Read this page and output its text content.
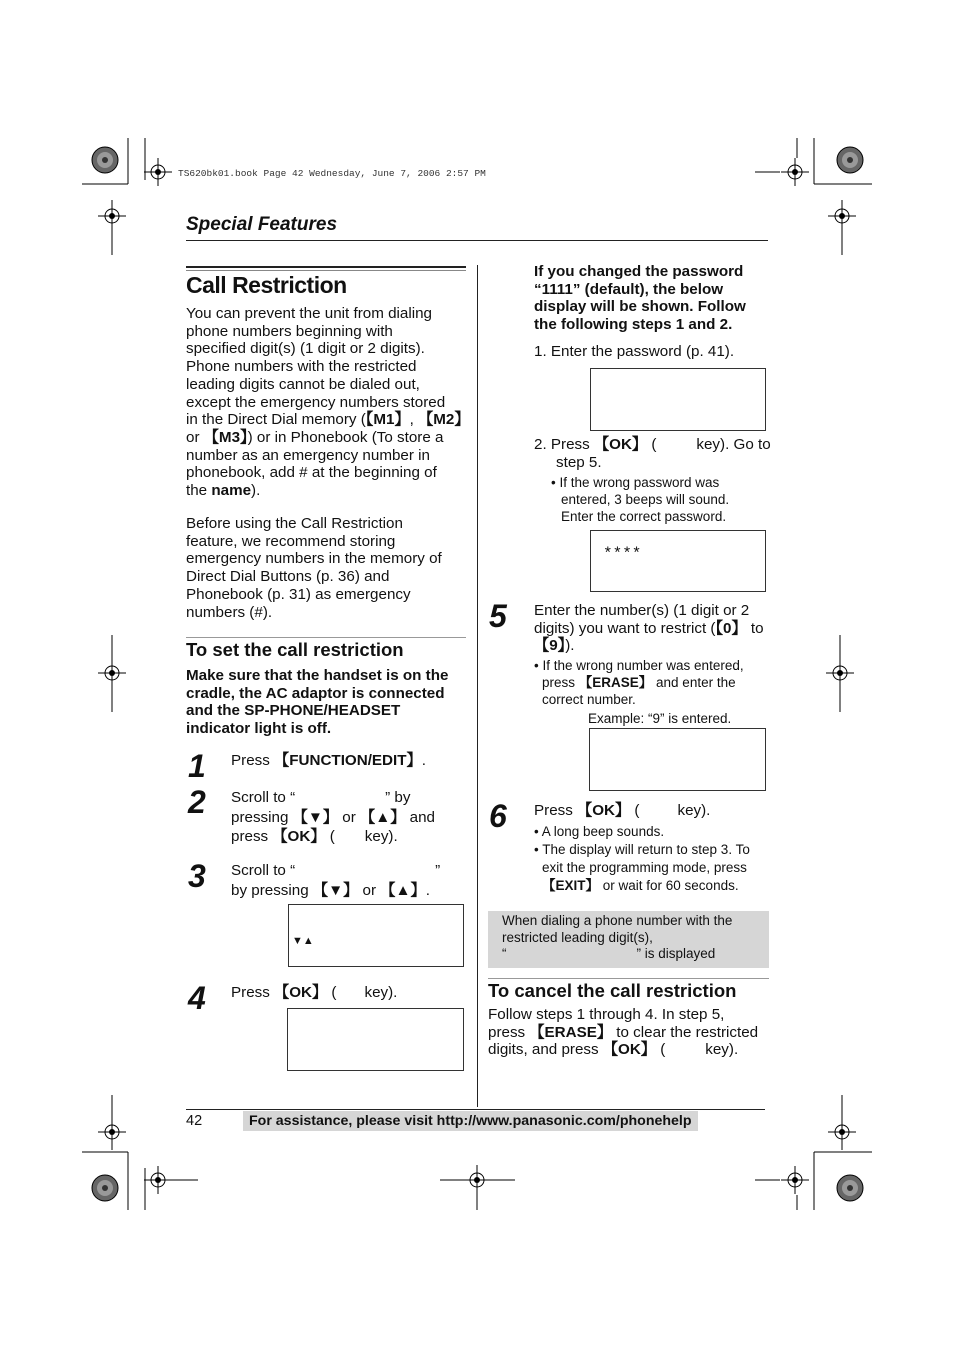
TS620bk01.book Page 42 Wednesday, June 7, 2006 2:57 PM
Special Features
Call Restriction
You can prevent the unit from dialing
phone numbers beginning with
specified digit(s) (1 digit or 2 digits).
Phone numbers with the restricted
leading digits cannot be dialed out,
except the emergency numbers stored
in the Direct Dial memory (【M1】, 【M2】
or 【M3】) or in Phonebook (To store a
number as an emergency number in
phonebook, add # at the beginning of
the name).
Before using the Call Restriction
feature, we recommend storing
emergency numbers in the memory of
Direct Dial Buttons (p. 36) and
Phonebook (p. 31) as emergency
numbers (#).
To set the call restriction
Make sure that the handset is on the
cradle, the AC adaptor is connected
and the SP-PHONE/HEADSET
indicator light is off.
1 Press 【FUNCTION/EDIT】.
2 Scroll to “	” by
pressing 【▼】 or 【▲】 and
press 【OK】 ( key).
3 Scroll to “	”
by pressing 【▼】 or 【▲】.
▼▲
4 Press 【OK】 ( key).
If you changed the password
“1111” (default), the below
display will be shown. Follow
the following steps 1 and 2.
1. Enter the password (p. 41).
2. Press 【OK】 (	key). Go to
step 5.
• If the wrong password was
entered, 3 beeps will sound.
Enter the correct password.
****
5 Enter the number(s) (1 digit or 2
digits) you want to restrict (【0】 to
【9】).
• If the wrong number was entered,
press 【ERASE】 and enter the
correct number.
Example: “9” is entered.
6 Press 【OK】 (	key).
• A long beep sounds.
• The display will return to step 3. To
exit the programming mode, press
【EXIT】 or wait for 60 seconds.
When dialing a phone number with the
restricted leading digit(s),
“	” is displayed
To cancel the call restriction
Follow steps 1 through 4. In step 5,
press 【ERASE】 to clear the restricted
digits, and press 【OK】 (	key).
42	For assistance, please visit http://www.panasonic.com/phonehelp
